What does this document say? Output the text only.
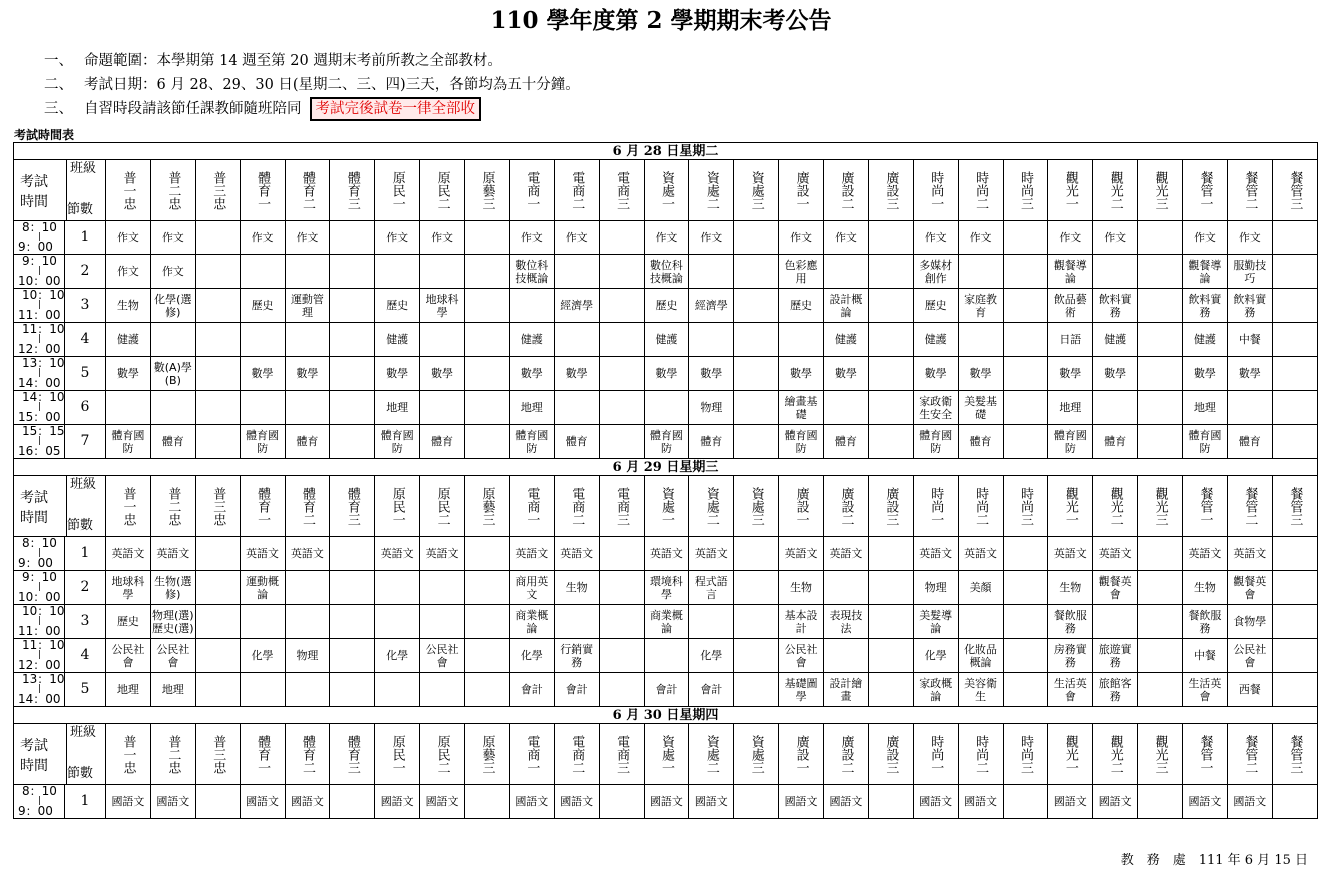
110 學年度第 2 學期期末考公告
一、 命題範圍：本學期第 14 週至第 20 週期末考前所教之全部教材。
二、 考試日期：6 月 28、29、30 日(星期二、三、四)三天，各節均為五十分鐘。
三、 自習時段請該節任課教師隨班陪同 考試完後試卷一律全部收
考試時間表
6 月 28 日星期二																											

考試
時間
班級
節數	普一忠	普二忠	普三忠	體育一	體育二	體育三	原民一	原民二	原藝三	電商一	電商二	電商三	資處一	資處二	資處三	廣設一	廣設二	廣設三	時尚一	時尚二	時尚三	觀光一	觀光二	觀光三	餐管一	餐管二	餐管三

8：10
|
9：00
1	作文	作文		作文	作文		作文	作文		作文	作文		作文	作文		作文	作文		作文	作文		作文	作文		作文	作文	

9：10
|
10：00
2	作文	作文								數位科技概論			數位科技概論			色彩應用			多媒材創作			觀餐導論			觀餐導論	服勤技巧	

10：10
|
11：00
3	生物	化學(選修)		歷史	運動管理		歷史	地球科學			經濟學		歷史	經濟學		歷史	設計概論		歷史	家庭教育		飲品藝術	飲料實務		飲料實務	飲料實務	

11：10
|
12：00
4	健護						健護			健護			健護				健護		健護			日語	健護		健護	中餐	

13：10
|
14：00
5	數學	數(A)學(B)		數學	數學		數學	數學		數學	數學		數學	數學		數學	數學		數學	數學		數學	數學		數學	數學	

14：10
|
15：00
6							地理			地理				物理		繪畫基礎			家政衛生安全	美髮基礎		地理			地理		

15：15
|
16：05
7	體育國防	體育		體育國防	體育		體育國防	體育		體育國防	體育		體育國防	體育		體育國防	體育		體育國防	體育		體育國防	體育		體育國防	體育	
6 月 29 日星期三																											

考試
時間
班級
節數	普一忠	普二忠	普三忠	體育一	體育二	體育三	原民一	原民二	原藝三	電商一	電商二	電商三	資處一	資處二	資處三	廣設一	廣設二	廣設三	時尚一	時尚二	時尚三	觀光一	觀光二	觀光三	餐管一	餐管二	餐管三

8：10
|
9：00
1	英語文	英語文		英語文	英語文		英語文	英語文		英語文	英語文		英語文	英語文		英語文	英語文		英語文	英語文		英語文	英語文		英語文	英語文	

9：10
|
10：00
2	地球科學	生物(選修)		運動概論						商用英文	生物		環境科學	程式語言		生物			物理	美顏		生物	觀餐英會		生物	觀餐英會	

10：10
|
11：00
3	歷史	物理(選)歷史(選)								商業概論			商業概論			基本設計	表現技法		美髮導論			餐飲服務			餐飲服務	食物學	

11：10
|
12：00
4	公民社會	公民社會		化學	物理		化學	公民社會		化學	行銷實務			化學		公民社會			化學	化妝品概論		房務實務	旅遊實務		中餐	公民社會	

13：10
|
14：00
5	地理	地理								會計	會計		會計	會計		基礎圖學	設計繪畫		家政概論	美容衛生		生活英會	旅館客務		生活英會	西餐	
6 月 30 日星期四																											

考試
時間
班級
節數	普一忠	普二忠	普三忠	體育一	體育二	體育三	原民一	原民二	原藝三	電商一	電商二	電商三	資處一	資處二	資處三	廣設一	廣設二	廣設三	時尚一	時尚二	時尚三	觀光一	觀光二	觀光三	餐管一	餐管二	餐管三

8：10
|
9：00
1	國語文	國語文		國語文	國語文		國語文	國語文		國語文	國語文		國語文	國語文		國語文	國語文		國語文	國語文		國語文	國語文		國語文	國語文	
教　務　處　111 年 6 月 15 日
